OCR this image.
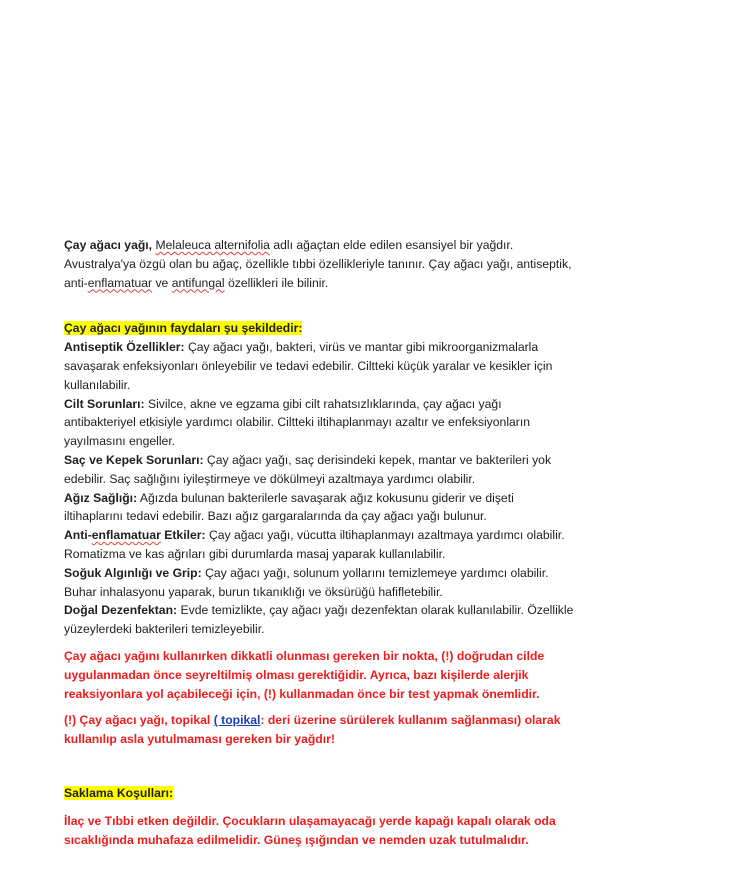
Çay ağacı yağı, Melaleuca alternifolia adlı ağaçtan elde edilen esansiyel bir yağdır. Avustralya'ya özgü olan bu ağaç, özellikle tıbbi özellikleriyle tanınır. Çay ağacı yağı, antiseptik, anti-enflamatuar ve antifungal özellikleri ile bilinir.

Çay ağacı yağının faydaları şu şekildedir:

Antiseptik Özellikler: Çay ağacı yağı, bakteri, virüs ve mantar gibi mikroorganizmalarla savaşarak enfeksiyonları önleyebilir ve tedavi edebilir. Ciltteki küçük yaralar ve kesikler için kullanılabilir.

Cilt Sorunları: Sivilce, akne ve egzama gibi cilt rahatsızlıklarında, çay ağacı yağı antibakteriyel etkisiyle yardımcı olabilir. Ciltteki iltihaplanmayı azaltır ve enfeksiyonların yayılmasını engeller.

Saç ve Kepek Sorunları: Çay ağacı yağı, saç derisindeki kepek, mantar ve bakterileri yok edebilir. Saç sağlığını iyileştirmeye ve dökülmeyi azaltmaya yardımcı olabilir.

Ağız Sağlığı: Ağızda bulunan bakterilerle savaşarak ağız kokusunu giderir ve dişeti iltihaplarını tedavi edebilir. Bazı ağız gargaralarında da çay ağacı yağı bulunur.

Anti-enflamatuar Etkiler: Çay ağacı yağı, vücutta iltihaplanmayı azaltmaya yardımcı olabilir. Romatizma ve kas ağrıları gibi durumlarda masaj yaparak kullanılabilir.

Soğuk Algınlığı ve Grip: Çay ağacı yağı, solunum yollarını temizlemeye yardımcı olabilir. Buhar inhalasyonu yaparak, burun tıkanıklığı ve öksürüğü hafifletebilir.

Doğal Dezenfektan: Evde temizlikte, çay ağacı yağı dezenfektan olarak kullanılabilir. Özellikle yüzeylerdeki bakterileri temizleyebilir.

Çay ağacı yağını kullanırken dikkatli olunması gereken bir nokta, (!) doğrudan cilde uygulanmadan önce seyreltilmiş olması gerektiğidir. Ayrıca, bazı kişilerde alerjik reaksiyonlara yol açabileceği için, (!) kullanmadan önce bir test yapmak önemlidir.

(!) Çay ağacı yağı, topikal ( topikal: deri üzerine sürülerek kullanım sağlanması) olarak kullanılıp asla yutulmaması gereken bir yağdır!

Saklama Koşulları:

İlaç ve Tıbbi etken değildir. Çocukların ulaşamayacağı yerde kapağı kapalı olarak oda sıcaklığında muhafaza edilmelidir. Güneş ışığından ve nemden uzak tutulmalıdır.
